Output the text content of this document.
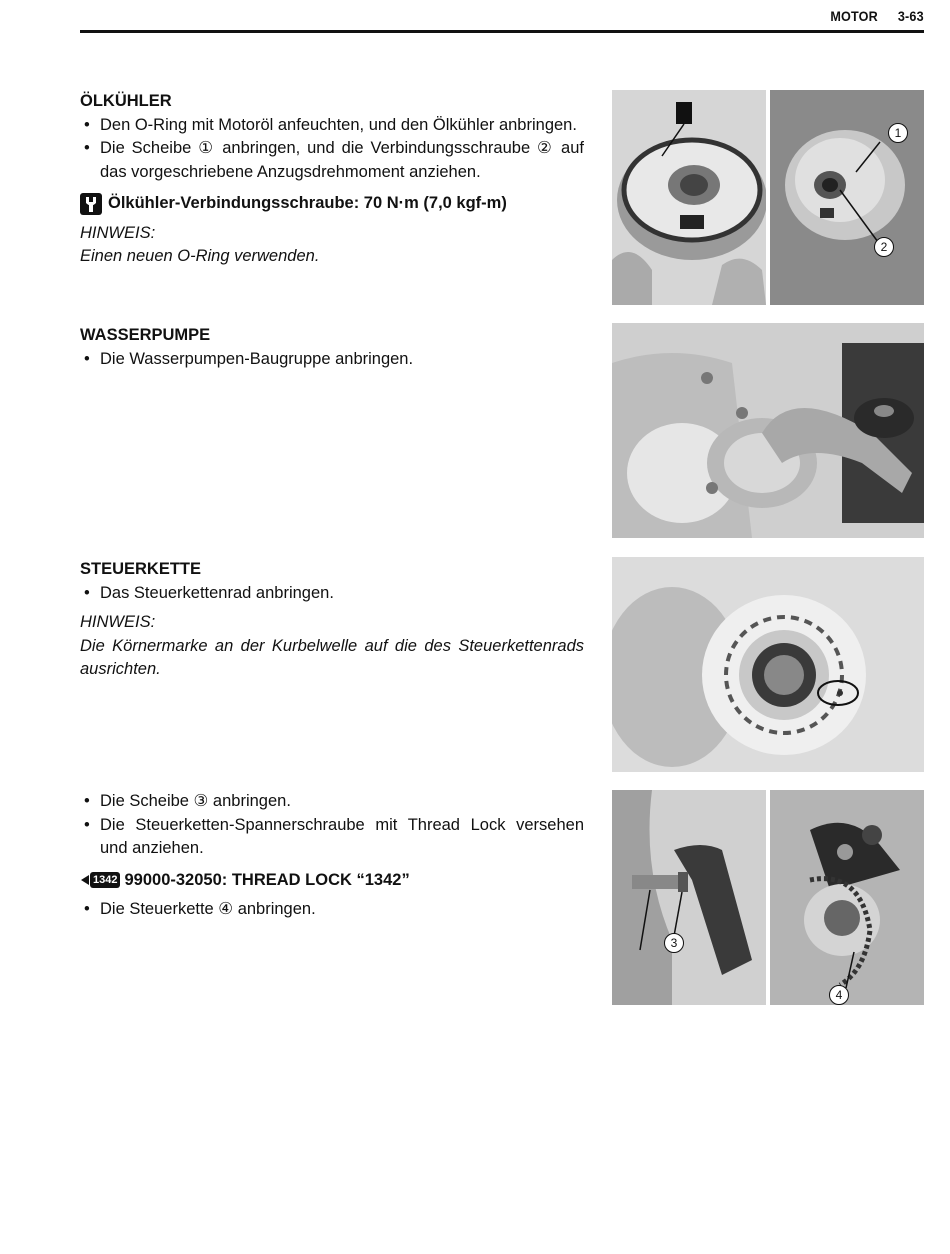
MOTOR 3-63
ÖLKÜHLER
• Den O-Ring mit Motoröl anfeuchten, und den Ölkühler anbringen.
• Die Scheibe ① anbringen, und die Verbindungsschraube ② auf das vorgeschriebene Anzugsdrehmoment anziehen.
Ölkühler-Verbindungsschraube: 70 N·m (7,0 kgf-m)
HINWEIS:
Einen neuen O-Ring verwenden.
WASSERPUMPE
• Die Wasserpumpen-Baugruppe anbringen.
STEUERKETTE
• Das Steuerkettenrad anbringen.
HINWEIS:
Die Körnermarke an der Kurbelwelle auf die des Steuerkettenrads ausrichten.
• Die Scheibe ③ anbringen.
• Die Steuerketten-Spannerschraube mit Thread Lock versehen und anziehen.
1342 99000-32050: THREAD LOCK “1342”
• Die Steuerkette ④ anbringen.
1
2
3
4
